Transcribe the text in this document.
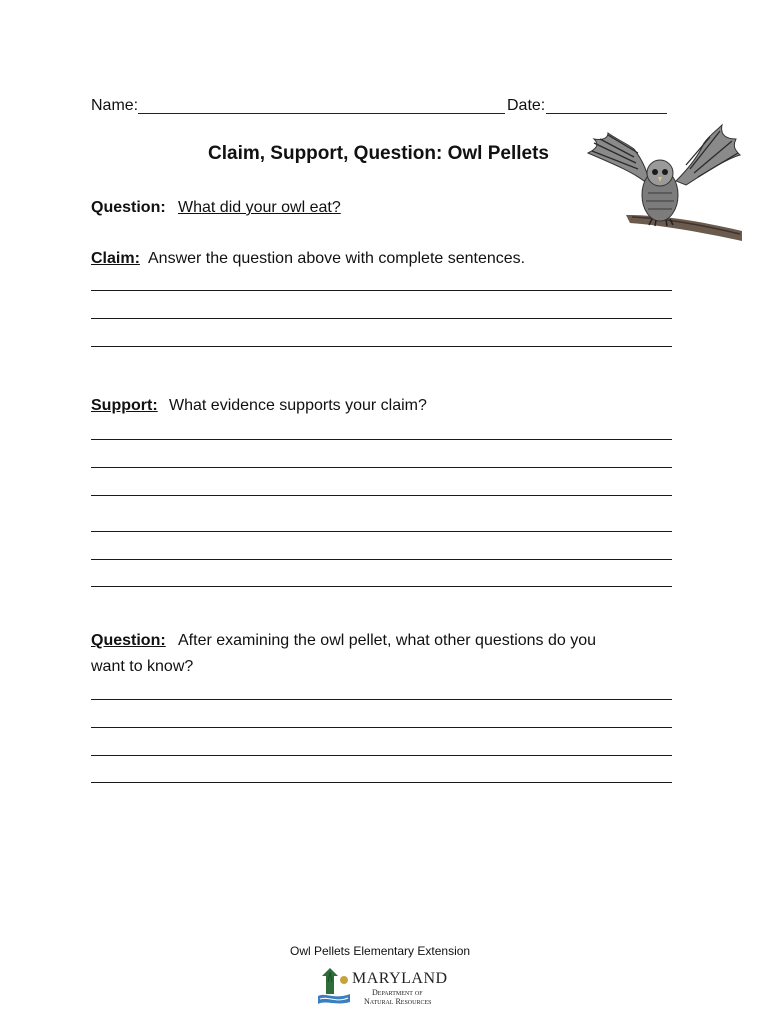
Name:	Date:
Claim, Support, Question: Owl Pellets
Question: What did your owl eat?
Claim: Answer the question above with complete sentences.
Support: What evidence supports your claim?
Question: After examining the owl pellet, what other questions do you
want to know?
Owl Pellets Elementary Extension
MARYLAND
Department of
Natural Resources
